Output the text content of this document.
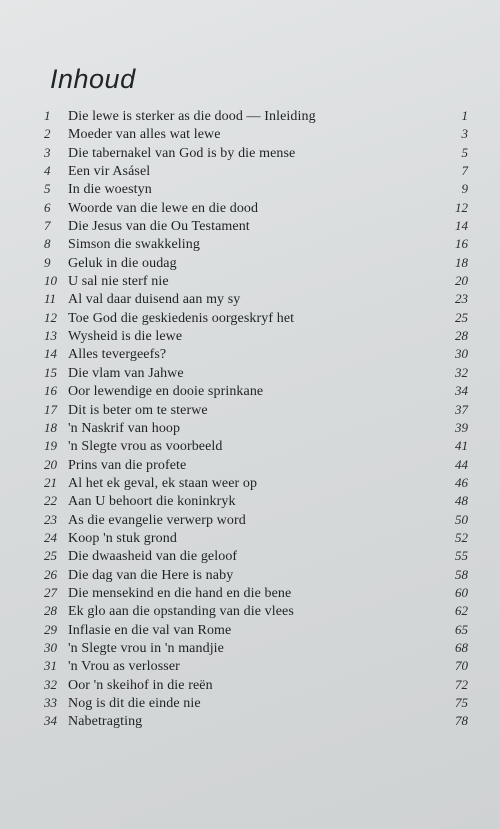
Inhoud
1	Die lewe is sterker as die dood — Inleiding	1
2	Moeder van alles wat lewe	3
3	Die tabernakel van God is by die mense	5
4	Een vir Asásel	7
5	In die woestyn	9
6	Woorde van die lewe en die dood	12
7	Die Jesus van die Ou Testament	14
8	Simson die swakkeling	16
9	Geluk in die oudag	18
10 U sal nie sterf nie	20
11 Al val daar duisend aan my sy	23
12 Toe God die geskiedenis oorgeskryf het	25
13 Wysheid is die lewe	28
14 Alles tevergeefs?	30
15 Die vlam van Jahwe	32
16 Oor lewendige en dooie sprinkane	34
17 Dit is beter om te sterwe	37
18 'n Naskrif van hoop	39
19 'n Slegte vrou as voorbeeld	41
20 Prins van die profete	44
21 Al het ek geval, ek staan weer op	46
22 Aan U behoort die koninkryk	48
23 As die evangelie verwerp word	50
24 Koop 'n stuk grond	52
25 Die dwaasheid van die geloof	55
26 Die dag van die Here is naby	58
27 Die mensekind en die hand en die bene	60
28 Ek glo aan die opstanding van die vlees	62
29 Inflasie en die val van Rome	65
30 'n Slegte vrou in 'n mandjie	68
31 'n Vrou as verlosser	70
32 Oor 'n skeihof in die reën	72
33 Nog is dit die einde nie	75
34 Nabetragting	78
